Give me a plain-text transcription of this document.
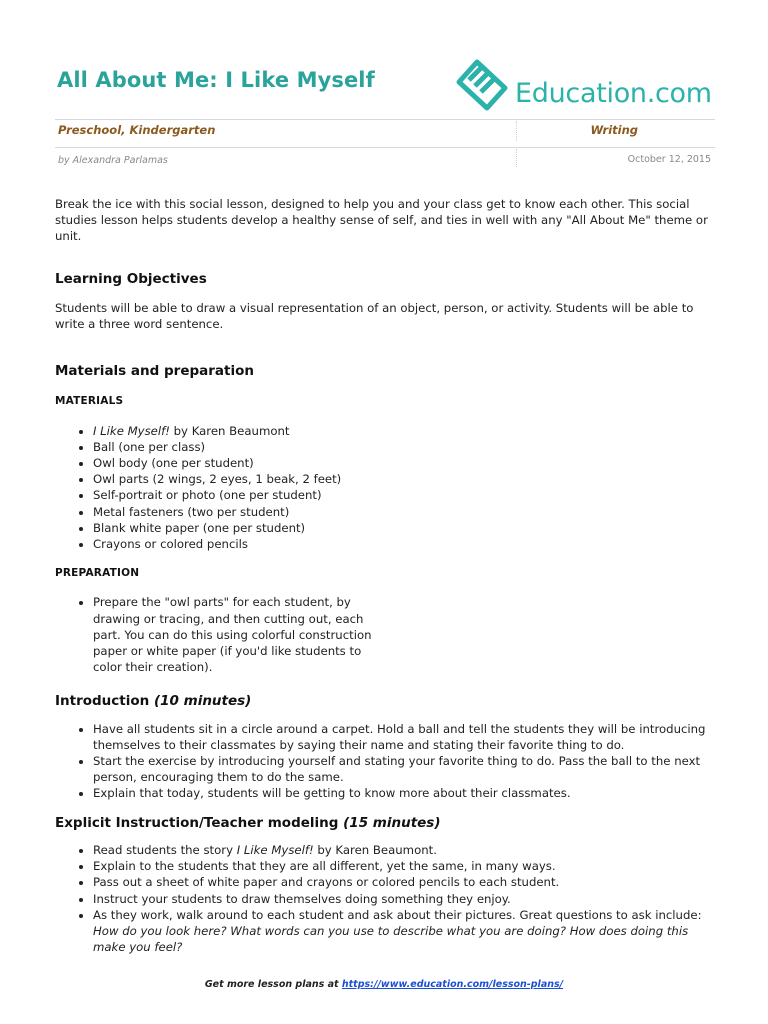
All About Me: I Like Myself	Education.com
Preschool, Kindergarten	Writing
by Alexandra Parlamas	October 12, 2015

Break the ice with this social lesson, designed to help you and your class get to know each other. This social studies lesson helps students develop a healthy sense of self, and ties in well with any "All About Me" theme or unit.

Learning Objectives

Students will be able to draw a visual representation of an object, person, or activity. Students will be able to write a three word sentence.

Materials and preparation
MATERIALS
• I Like Myself! by Karen Beaumont
• Ball (one per class)
• Owl body (one per student)
• Owl parts (2 wings, 2 eyes, 1 beak, 2 feet)
• Self-portrait or photo (one per student)
• Metal fasteners (two per student)
• Blank white paper (one per student)
• Crayons or colored pencils
PREPARATION
• Prepare the "owl parts" for each student, by drawing or tracing, and then cutting out, each part. You can do this using colorful construction paper or white paper (if you'd like students to color their creation).
Introduction (10 minutes)
• Have all students sit in a circle around a carpet. Hold a ball and tell the students they will be introducing themselves to their classmates by saying their name and stating their favorite thing to do.
• Start the exercise by introducing yourself and stating your favorite thing to do. Pass the ball to the next person, encouraging them to do the same.
• Explain that today, students will be getting to know more about their classmates.
Explicit Instruction/Teacher modeling (15 minutes)
• Read students the story I Like Myself! by Karen Beaumont.
• Explain to the students that they are all different, yet the same, in many ways.
• Pass out a sheet of white paper and crayons or colored pencils to each student.
• Instruct your students to draw themselves doing something they enjoy.
• As they work, walk around to each student and ask about their pictures. Great questions to ask include:
How do you look here? What words can you use to describe what you are doing? How does doing this make you feel?
Get more lesson plans at https://www.education.com/lesson-plans/
